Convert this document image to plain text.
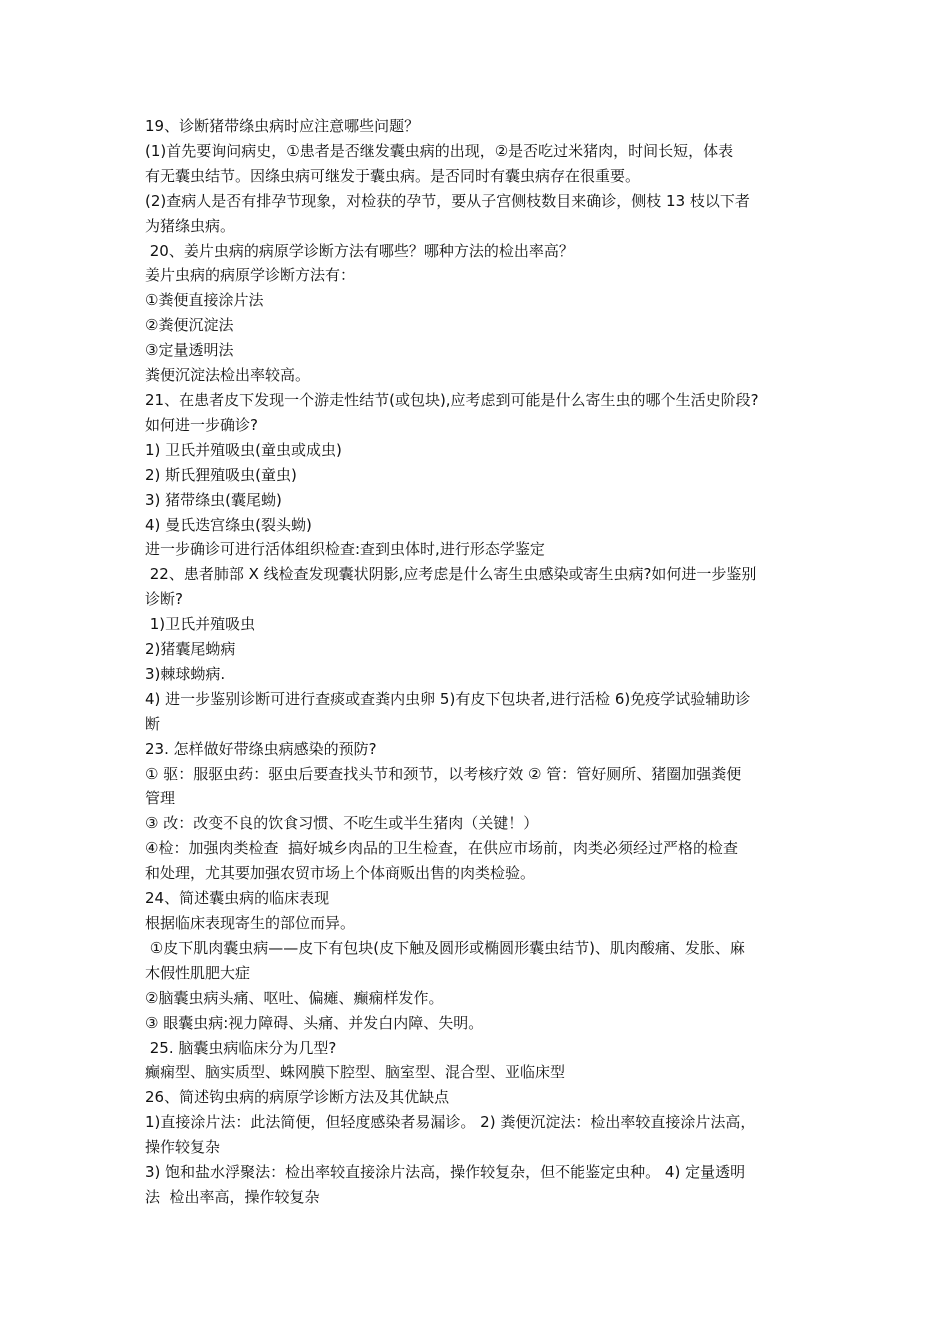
19、诊断猪带绦虫病时应注意哪些问题？
(1)首先要询问病史，①患者是否继发囊虫病的出现，②是否吃过米猪肉，时间长短，体表
有无囊虫结节。因绦虫病可继发于囊虫病。是否同时有囊虫病存在很重要。
(2)查病人是否有排孕节现象，对检获的孕节，要从子宫侧枝数目来确诊，侧枝 13 枝以下者
为猪绦虫病。
20、姜片虫病的病原学诊断方法有哪些？哪种方法的检出率高？
姜片虫病的病原学诊断方法有：
①粪便直接涂片法
②粪便沉淀法
③定量透明法
粪便沉淀法检出率较高。
21、在患者皮下发现一个游走性结节(或包块),应考虑到可能是什么寄生虫的哪个生活史阶段?
如何进一步确诊?
1) 卫氏并殖吸虫(童虫或成虫)
2) 斯氏狸殖吸虫(童虫)
3) 猪带绦虫(囊尾蚴)
4) 曼氏迭宫绦虫(裂头蚴)
进一步确诊可进行活体组织检查:查到虫体时,进行形态学鉴定
22、患者肺部 X 线检查发现囊状阴影,应考虑是什么寄生虫感染或寄生虫病?如何进一步鉴别
诊断?
1)卫氏并殖吸虫
2)猪囊尾蚴病
3)棘球蚴病.
4) 进一步鉴别诊断可进行查痰或查粪内虫卵 5)有皮下包块者,进行活检 6)免疫学试验辅助诊
断
23. 怎样做好带绦虫病感染的预防?
① 驱：服驱虫药：驱虫后要查找头节和颈节，以考核疗效 ② 管：管好厕所、猪圈加强粪便
管理
③ 改：改变不良的饮食习惯、不吃生或半生猪肉（关键！）
④检：加强肉类检查  搞好城乡肉品的卫生检查，在供应市场前，肉类必须经过严格的检查
和处理，尤其要加强农贸市场上个体商贩出售的肉类检验。
24、简述囊虫病的临床表现
根据临床表现寄生的部位而异。
①皮下肌肉囊虫病——皮下有包块(皮下触及圆形或椭圆形囊虫结节)、肌肉酸痛、发胀、麻
木假性肌肥大症
②脑囊虫病头痛、呕吐、偏瘫、癫痫样发作。
③ 眼囊虫病:视力障碍、头痛、并发白内障、失明。
25. 脑囊虫病临床分为几型?
癫痫型、脑实质型、蛛网膜下腔型、脑室型、混合型、亚临床型
26、简述钩虫病的病原学诊断方法及其优缺点
1)直接涂片法：此法简便，但轻度感染者易漏诊。 2) 粪便沉淀法：检出率较直接涂片法高，
操作较复杂
3) 饱和盐水浮聚法：检出率较直接涂片法高，操作较复杂，但不能鉴定虫种。 4) 定量透明
法  检出率高，操作较复杂
